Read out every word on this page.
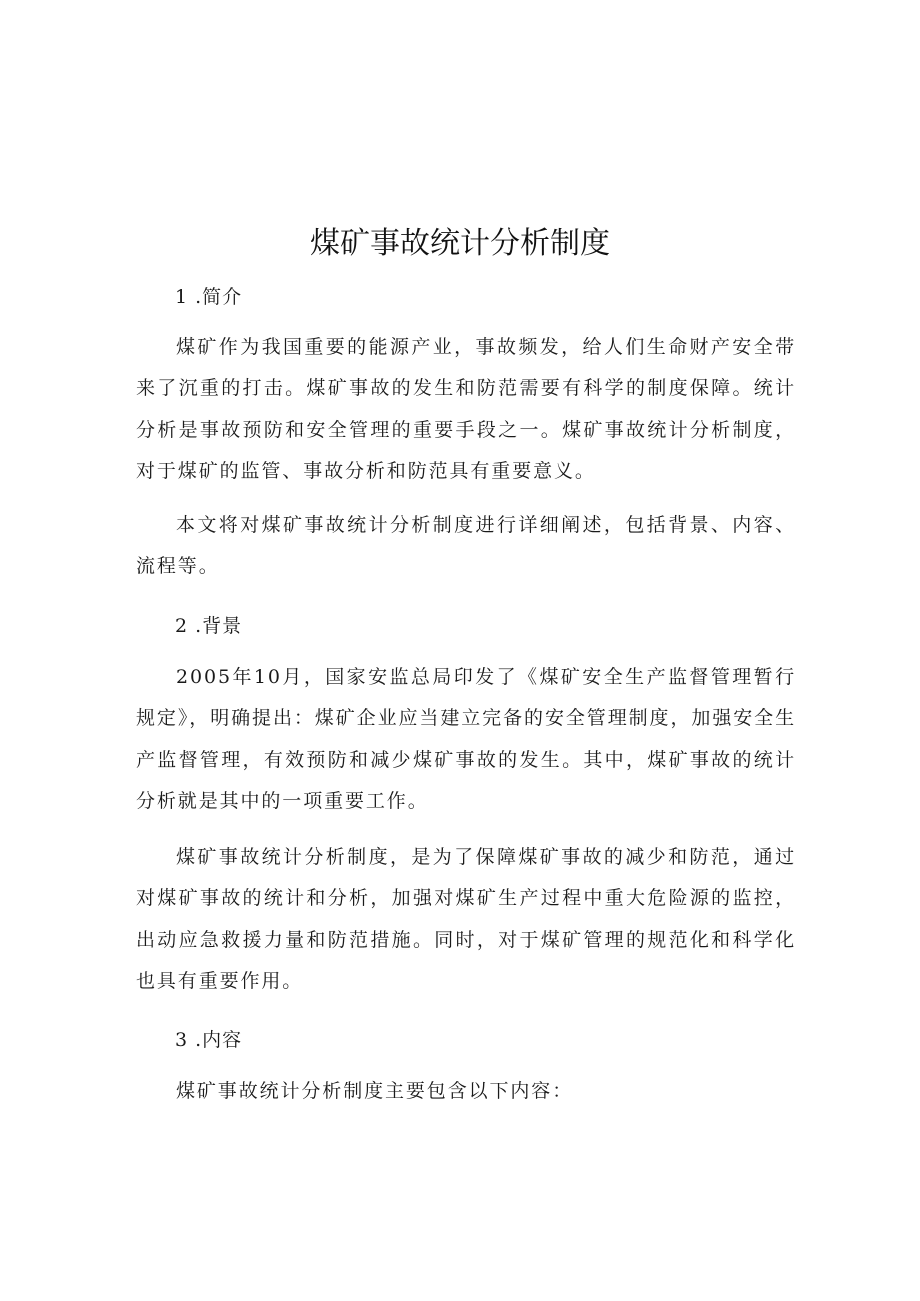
煤矿事故统计分析制度
1 .简介

煤矿作为我国重要的能源产业，事故频发，给人们生命财产安全带来了沉重的打击。煤矿事故的发生和防范需要有科学的制度保障。统计分析是事故预防和安全管理的重要手段之一。煤矿事故统计分析制度，对于煤矿的监管、事故分析和防范具有重要意义。

本文将对煤矿事故统计分析制度进行详细阐述，包括背景、内容、流程等。

2 .背景

2005年10月，国家安监总局印发了《煤矿安全生产监督管理暂行规定》，明确提出：煤矿企业应当建立完备的安全管理制度，加强安全生产监督管理，有效预防和减少煤矿事故的发生。其中，煤矿事故的统计分析就是其中的一项重要工作。

煤矿事故统计分析制度，是为了保障煤矿事故的减少和防范，通过对煤矿事故的统计和分析，加强对煤矿生产过程中重大危险源的监控，出动应急救援力量和防范措施。同时，对于煤矿管理的规范化和科学化也具有重要作用。

3 .内容

煤矿事故统计分析制度主要包含以下内容：
